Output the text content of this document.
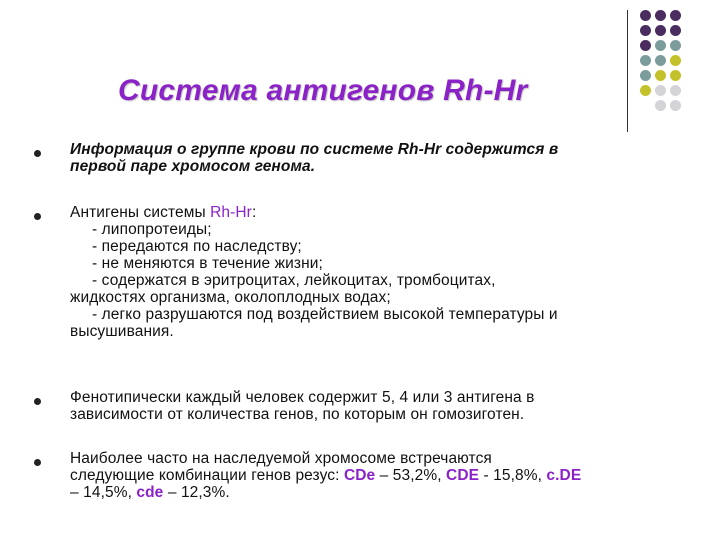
Система антигенов Rh-Hr
Информация о группе крови по системе Rh-Hr содержится в
первой паре хромосом генома.
Антигены системы Rh-Hr:
- липопротеиды;
- передаются по наследству;
- не меняются в течение жизни;
- содержатся в эритроцитах, лейкоцитах, тромбоцитах,
жидкостях организма, околоплодных водах;
- легко разрушаются под воздействием высокой температуры и
высушивания.
Фенотипически каждый человек содержит 5, 4 или 3 антигена в
зависимости от количества генов, по которым он гомозиготен.
Наиболее часто на наследуемой хромосоме встречаются
следующие комбинации генов резус: CDe – 53,2%, CDE - 15,8%, c.DE
– 14,5%, cde – 12,3%.
